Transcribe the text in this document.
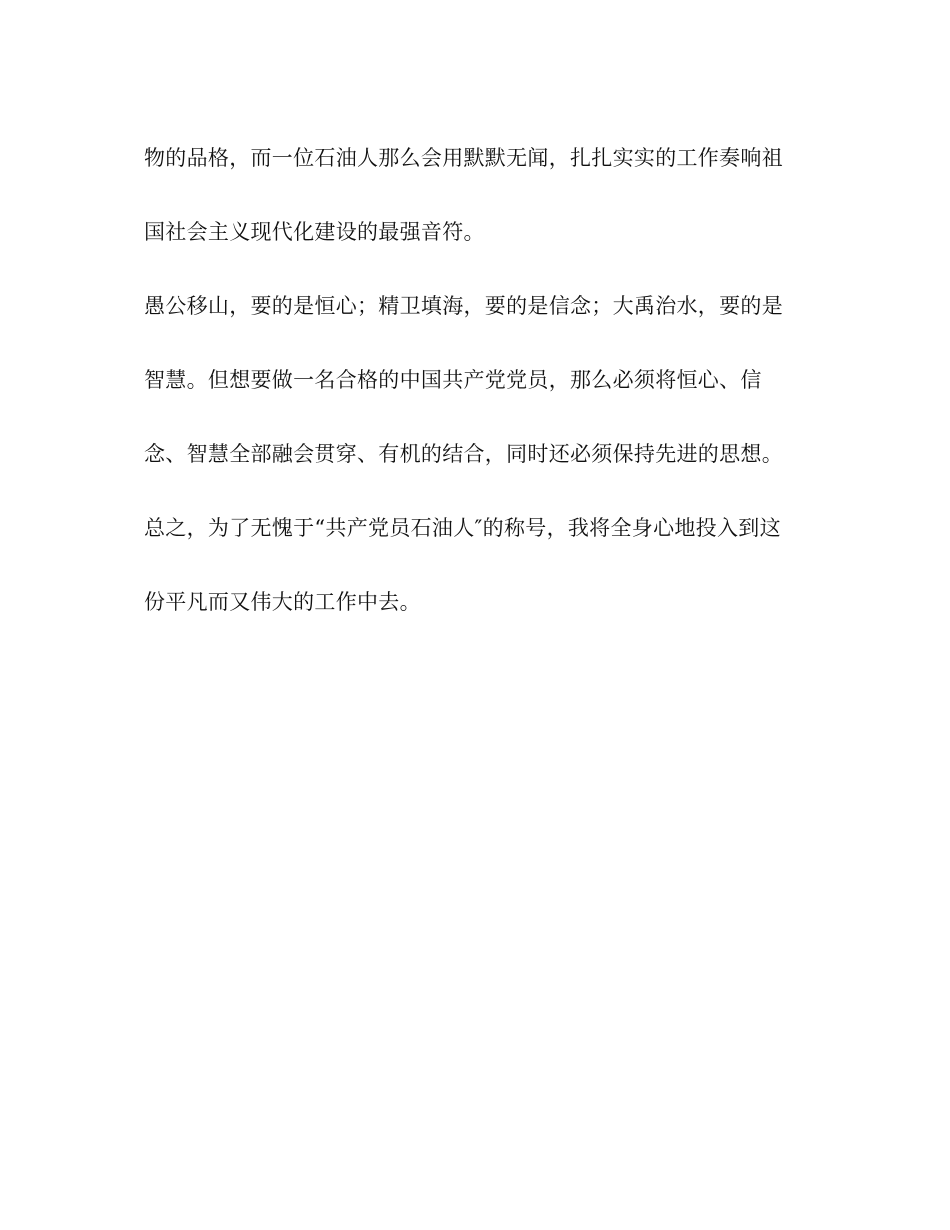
物的品格，而一位石油人那么会用默默无闻，扎扎实实的工作奏响祖
国社会主义现代化建设的最强音符。
愚公移山，要的是恒心；精卫填海，要的是信念；大禹治水，要的是
智慧。但想要做一名合格的中国共产党党员，那么必须将恒心、信
念、智慧全部融会贯穿、有机的结合，同时还必须保持先进的思想。
总之，为了无愧于“共产党员石油人″的称号，我将全身心地投入到这
份平凡而又伟大的工作中去。
